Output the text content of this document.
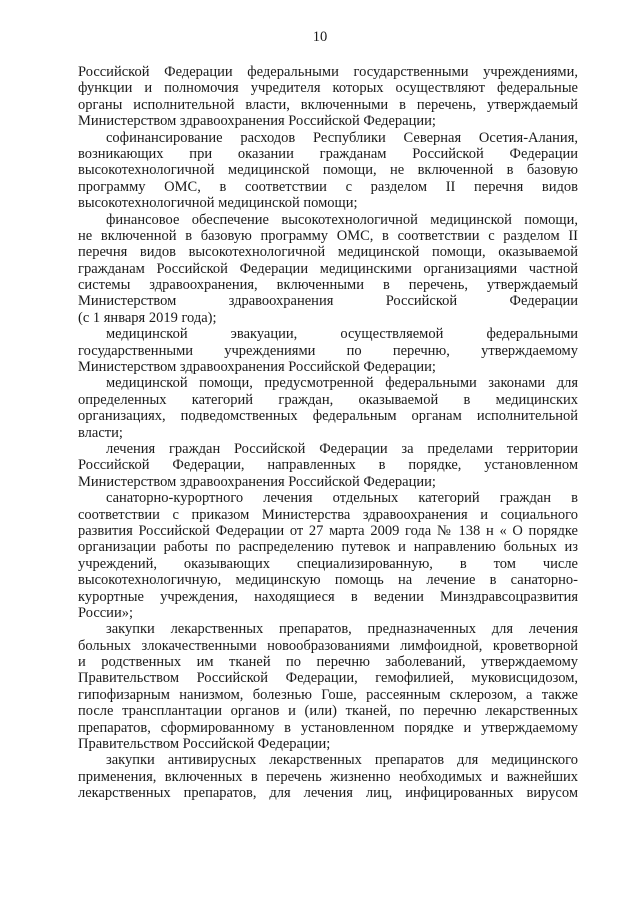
10
Российской Федерации федеральными государственными учреждениями,
функции и полномочия учредителя которых осуществляют федеральные
органы исполнительной власти, включенными в перечень, утверждаемый
Министерством здравоохранения Российской Федерации;
софинансирование расходов Республики Северная Осетия-Алания,
возникающих при оказании гражданам Российской Федерации
высокотехнологичной медицинской помощи, не включенной в базовую
программу ОМС, в соответствии с разделом II перечня видов
высокотехнологичной медицинской помощи;
финансовое обеспечение высокотехнологичной медицинской помощи,
не включенной в базовую программу ОМС, в соответствии с разделом II
перечня видов высокотехнологичной медицинской помощи, оказываемой
гражданам Российской Федерации медицинскими организациями частной
системы здравоохранения, включенными в перечень, утверждаемый
Министерством здравоохранения Российской Федерации
(с 1 января 2019 года);
медицинской эвакуации, осуществляемой федеральными
государственными учреждениями по перечню, утверждаемому
Министерством здравоохранения Российской Федерации;
медицинской помощи, предусмотренной федеральными законами для
определенных категорий граждан, оказываемой в медицинских
организациях, подведомственных федеральным органам исполнительной
власти;
лечения граждан Российской Федерации за пределами территории
Российской Федерации, направленных в порядке, установленном
Министерством здравоохранения Российской Федерации;
санаторно-курортного лечения отдельных категорий граждан в
соответствии с приказом Министерства здравоохранения и социального
развития Российской Федерации от 27 марта 2009 года № 138 н « О порядке
организации работы по распределению путевок и направлению больных из
учреждений, оказывающих специализированную, в том числе
высокотехнологичную, медицинскую помощь на лечение в санаторно-
курортные учреждения, находящиеся в ведении Минздравсоцразвития
России»;
закупки лекарственных препаратов, предназначенных для лечения
больных злокачественными новообразованиями лимфоидной, кроветворной
и родственных им тканей по перечню заболеваний, утверждаемому
Правительством Российской Федерации, гемофилией, муковисцидозом,
гипофизарным нанизмом, болезнью Гоше, рассеянным склерозом, а также
после трансплантации органов и (или) тканей, по перечню лекарственных
препаратов, сформированному в установленном порядке и утверждаемому
Правительством Российской Федерации;
закупки антивирусных лекарственных препаратов для медицинского
применения, включенных в перечень жизненно необходимых и важнейших
лекарственных препаратов, для лечения лиц, инфицированных вирусом
